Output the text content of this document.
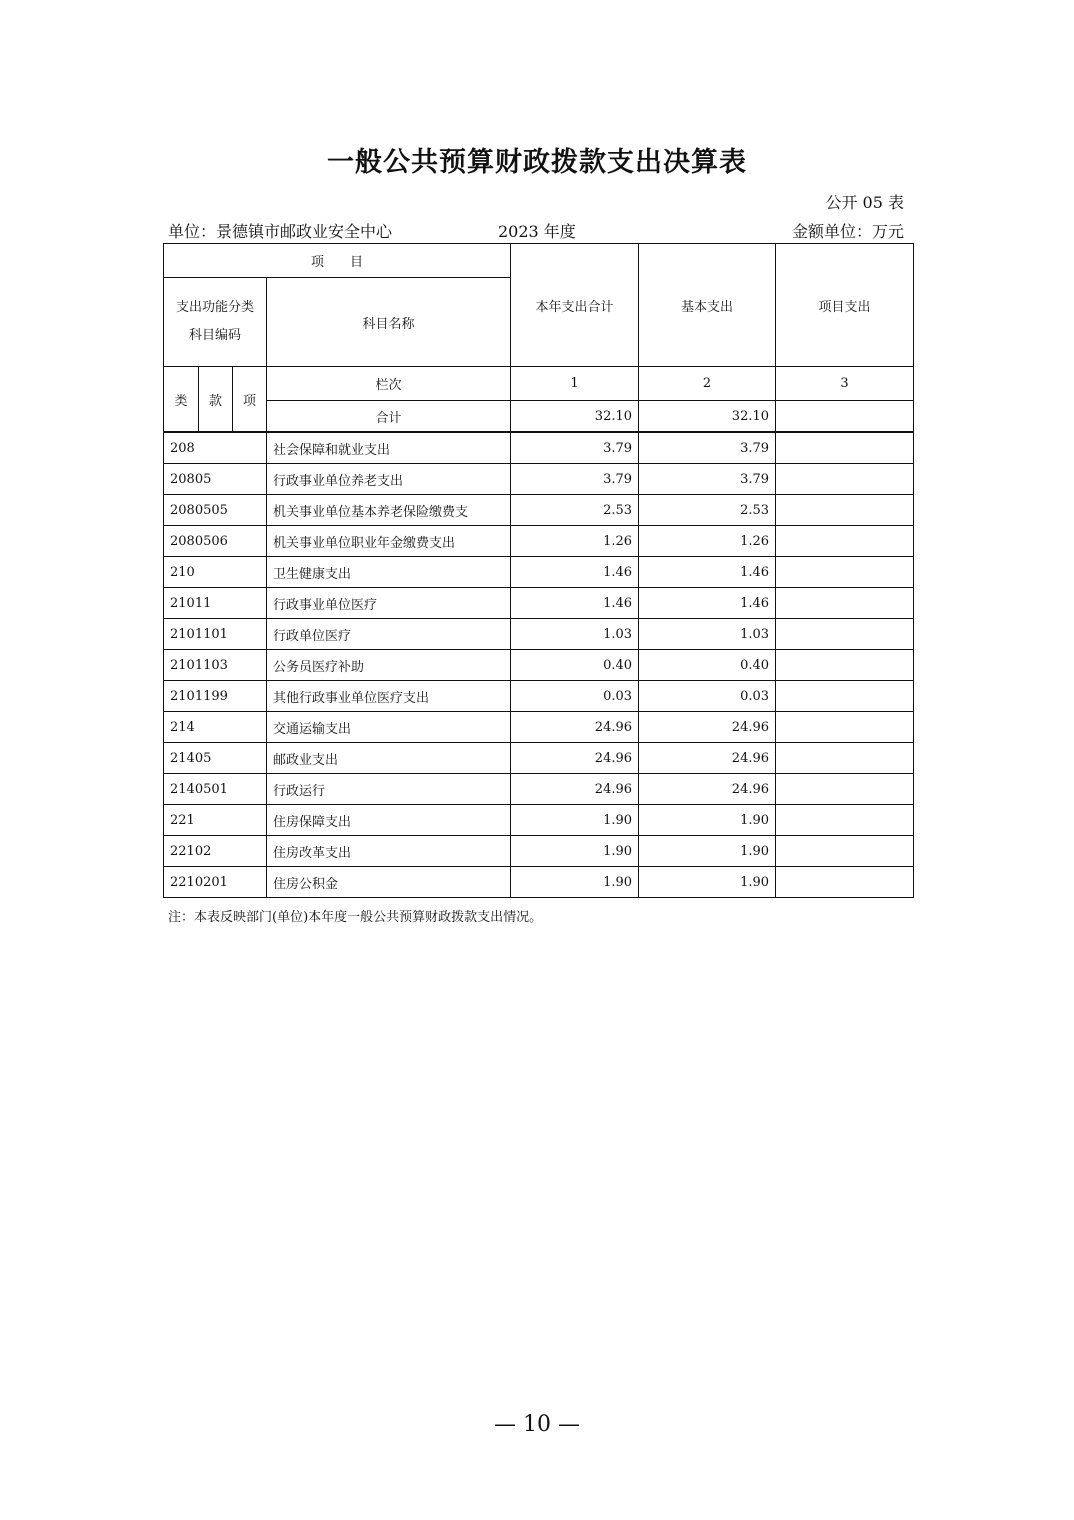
一般公共预算财政拨款支出决算表
公开 05 表
单位：景德镇市邮政业安全中心	2023 年度	金额单位：万元
项　　目				本年支出合计	基本支出	项目支出

支出功能分类
科目编码			科目名称			
类	款	项	栏次	1	2	3
			合计	32.10	32.10	
208			社会保障和就业支出	3.79	3.79	
20805			行政事业单位养老支出	3.79	3.79	
2080505			机关事业单位基本养老保险缴费支	2.53	2.53	
2080506			机关事业单位职业年金缴费支出	1.26	1.26	
210			卫生健康支出	1.46	1.46	
21011			行政事业单位医疗	1.46	1.46	
2101101			行政单位医疗	1.03	1.03	
2101103			公务员医疗补助	0.40	0.40	
2101199			其他行政事业单位医疗支出	0.03	0.03	
214			交通运输支出	24.96	24.96	
21405			邮政业支出	24.96	24.96	
2140501			行政运行	24.96	24.96	
221			住房保障支出	1.90	1.90	
22102			住房改革支出	1.90	1.90	
2210201			住房公积金	1.90	1.90	
注：本表反映部门(单位)本年度一般公共预算财政拨款支出情况。
— 10 —
